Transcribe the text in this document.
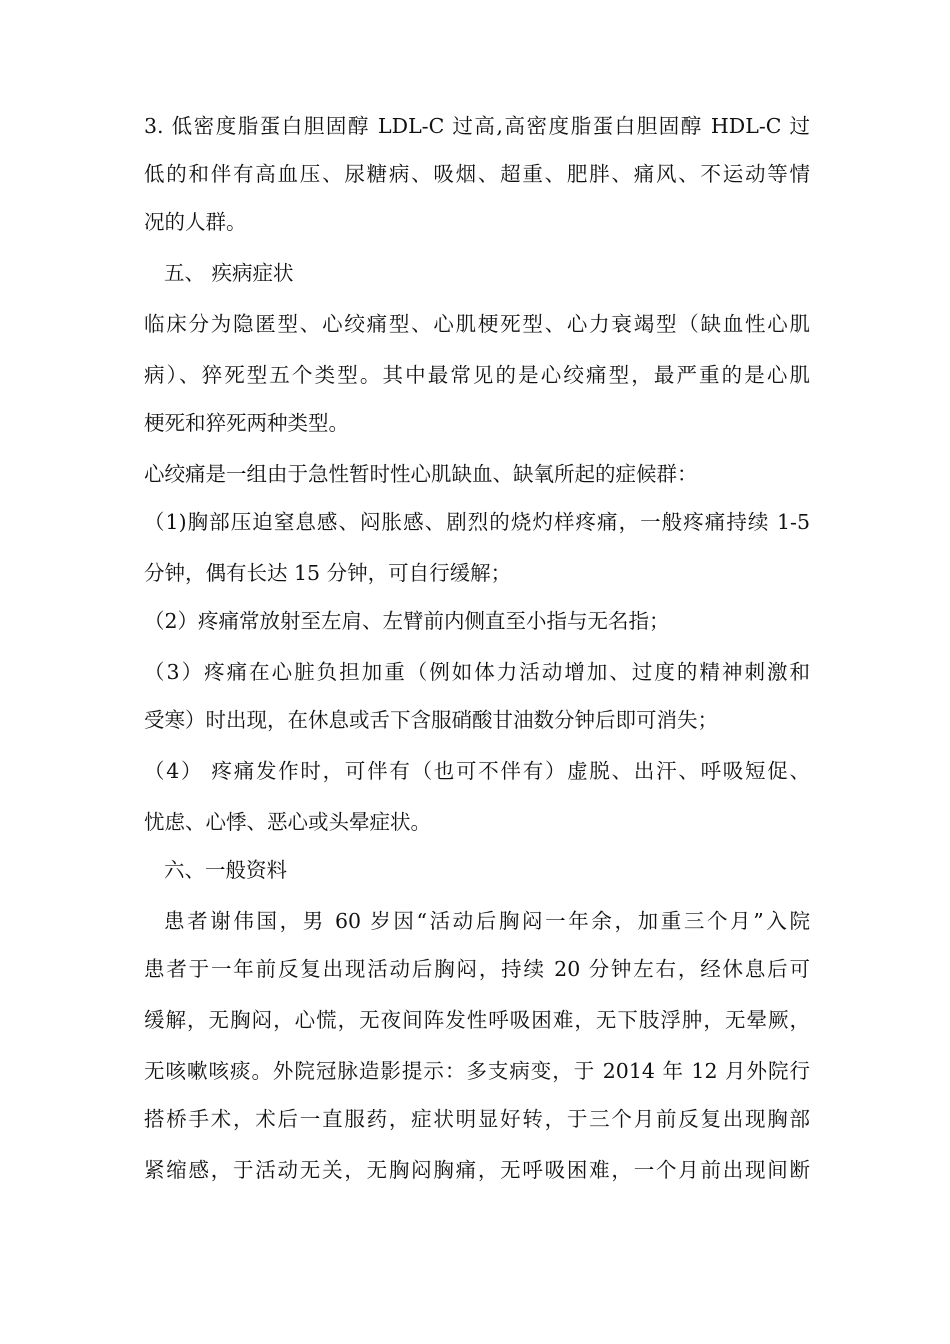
3. 低密度脂蛋白胆固醇 LDL-C 过高,高密度脂蛋白胆固醇 HDL-C 过
低的和伴有高血压、尿糖病、吸烟、超重、肥胖、痛风、不运动等情
况的人群。
五、 疾病症状
临床分为隐匿型、心绞痛型、心肌梗死型、心力衰竭型（缺血性心肌
病）、猝死型五个类型。其中最常见的是心绞痛型，最严重的是心肌
梗死和猝死两种类型。
心绞痛是一组由于急性暂时性心肌缺血、缺氧所起的症候群：
（1)胸部压迫窒息感、闷胀感、剧烈的烧灼样疼痛，一般疼痛持续 1-5
分钟，偶有长达 15 分钟，可自行缓解；
（2）疼痛常放射至左肩、左臂前内侧直至小指与无名指；
（3）疼痛在心脏负担加重（例如体力活动增加、过度的精神刺激和
受寒）时出现，在休息或舌下含服硝酸甘油数分钟后即可消失；
（4） 疼痛发作时，可伴有（也可不伴有）虚脱、出汗、呼吸短促、
忧虑、心悸、恶心或头晕症状。
六、一般资料
患者谢伟国，男 60 岁因“活动后胸闷一年余，加重三个月”入院
患者于一年前反复出现活动后胸闷，持续 20 分钟左右，经休息后可
缓解，无胸闷，心慌，无夜间阵发性呼吸困难，无下肢浮肿，无晕厥，
无咳嗽咳痰。外院冠脉造影提示：多支病变，于 2014 年 12 月外院行
搭桥手术，术后一直服药，症状明显好转，于三个月前反复出现胸部
紧缩感，于活动无关，无胸闷胸痛，无呼吸困难，一个月前出现间断
